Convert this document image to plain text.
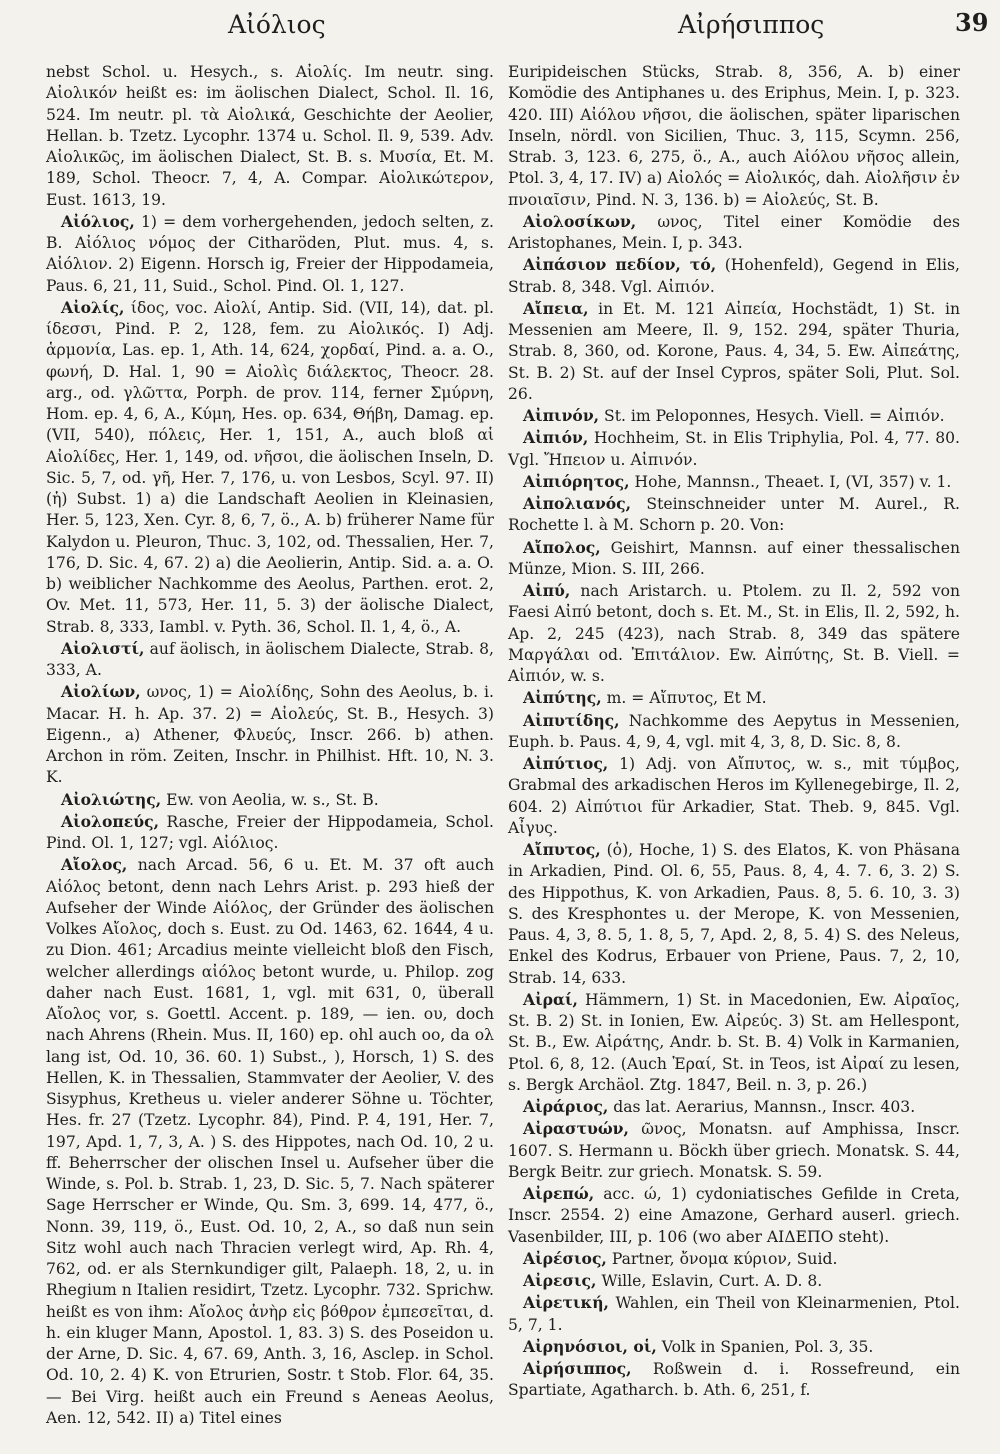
Αἰόλιος	Αἰρήσιππος	39

nebst Schol. u. Hesych., s. Αἰολίς. Im neutr. sing. Αἰολικόν heißt es: im äolischen Dialect, Schol. Il. 16, 524. Im neutr. pl. τὰ Αἰολικά, Geschichte der Aeolier, Hellan. b. Tzetz. Lycophr. 1374 u. Schol. Il. 9, 539. Adv. Αἰολικῶς, im äolischen Dialect, St. B. s. Μυσία, Et. M. 189, Schol. Theocr. 7, 4, A. Compar. Αἰολικώτερον, Eust. 1613, 19.

Αἰόλιος, 1) = dem vorhergehenden, jedoch selten, z. B. Αἰόλιος νόμος der Citharöden, Plut. mus. 4, s. Αἰόλιον. 2) Eigenn. Horsch ig, Freier der Hippodameia, Paus. 6, 21, 11, Suid., Schol. Pind. Ol. 1, 127.

Αἰολίς, ίδος, voc. Αἰολί, Antip. Sid. (VII, 14), dat. pl. ίδεσσι, Pind. P. 2, 128, fem. zu Αἰολικός. I) Adj. ἁρμονία, Las. ep. 1, Ath. 14, 624, χορδαί, Pind. a. a. O., φωνή, D. Hal. 1, 90 = Αἰολὶς διάλεκτος, Theocr. 28. arg., od. γλῶττα, Porph. de prov. 114, ferner Σμύρνη, Hom. ep. 4, 6, A., Κύμη, Hes. op. 634, Θήβη, Damag. ep. (VII, 540), πόλεις, Her. 1, 151, A., auch bloß αἱ Αἰολίδες, Her. 1, 149, od. νῆσοι, die äolischen Inseln, D. Sic. 5, 7, od. γῆ, Her. 7, 176, u. von Lesbos, Scyl. 97. II) (ἡ) Subst. 1) a) die Landschaft Aeolien in Kleinasien, Her. 5, 123, Xen. Cyr. 8, 6, 7, ö., A. b) früherer Name für Kalydon u. Pleuron, Thuc. 3, 102, od. Thessalien, Her. 7, 176, D. Sic. 4, 67. 2) a) die Aeolierin, Antip. Sid. a. a. O. b) weiblicher Nachkomme des Aeolus, Parthen. erot. 2, Ov. Met. 11, 573, Her. 11, 5. 3) der äolische Dialect, Strab. 8, 333, Iambl. v. Pyth. 36, Schol. Il. 1, 4, ö., A.

Αἰολιστί, auf äolisch, in äolischem Dialecte, Strab. 8, 333, A.

Αἰολίων, ωνος, 1) = Αἰολίδης, Sohn des Aeolus, b. i. Macar. H. h. Ap. 37. 2) = Αἰολεύς, St. B., Hesych. 3) Eigenn., a) Athener, Φλυεύς, Inscr. 266. b) athen. Archon in röm. Zeiten, Inschr. in Philhist. Hft. 10, N. 3. K.

Αἰολιώτης, Ew. von Aeolia, w. s., St. B.

Αἰολοπεύς, Rasche, Freier der Hippodameia, Schol. Pind. Ol. 1, 127; vgl. Αἰόλιος.

Αἴολος, nach Arcad. 56, 6 u. Et. M. 37 oft auch Αἰόλος betont, denn nach Lehrs Arist. p. 293 hieß der Aufseher der Winde Αἰόλος, der Gründer des äolischen Volkes Αἴολος, doch s. Eust. zu Od. 1463, 62. 1644, 4 u. zu Dion. 461; Arcadius meinte vielleicht bloß den Fisch, welcher allerdings αἰόλος betont wurde, u. Philop. zog daher nach Eust. 1681, 1, vgl. mit 631, 0, überall Αἴολος vor, s. Goettl. Accent. p. 189, — ien. ου, doch nach Ahrens (Rhein. Mus. II, 160) ep. ohl auch οο, da ολ lang ist, Od. 10, 36. 60. 1) Subst., ), Horsch, 1) S. des Hellen, K. in Thessalien, Stammvater der Aeolier, V. des Sisyphus, Kretheus u. vieler anderer Söhne u. Töchter, Hes. fr. 27 (Tzetz. Lycophr. 84), Pind. P. 4, 191, Her. 7, 197, Apd. 1, 7, 3, A. ) S. des Hippotes, nach Od. 10, 2 u. ff. Beherrscher der olischen Insel u. Aufseher über die Winde, s. Pol. b. Strab. 1, 23, D. Sic. 5, 7. Nach späterer Sage Herrscher er Winde, Qu. Sm. 3, 699. 14, 477, ö., Nonn. 39, 119, ö., Eust. Od. 10, 2, A., so daß nun sein Sitz wohl auch nach Thracien verlegt wird, Ap. Rh. 4, 762, od. er als Sternkundiger gilt, Palaeph. 18, 2, u. in Rhegium n Italien residirt, Tzetz. Lycophr. 732. Sprichw. heißt es von ihm: Αἴολος ἀνὴρ εἰς βόθρον ἐμπεσεῖται, d. h. ein kluger Mann, Apostol. 1, 83. 3) S. des Poseidon u. der Arne, D. Sic. 4, 67. 69, Anth. 3, 16, Asclep. in Schol. Od. 10, 2. 4) K. von Etrurien, Sostr. t Stob. Flor. 64, 35. — Bei Virg. heißt auch ein Freund s Aeneas Aeolus, Aen. 12, 542. II) a) Titel eines

Euripideischen Stücks, Strab. 8, 356, A. b) einer Komödie des Antiphanes u. des Eriphus, Mein. I, p. 323. 420. III) Αἰόλου νῆσοι, die äolischen, später liparischen Inseln, nördl. von Sicilien, Thuc. 3, 115, Scymn. 256, Strab. 3, 123. 6, 275, ö., A., auch Αἰόλου νῆσος allein, Ptol. 3, 4, 17. IV) a) Αἰολός = Αἰολικός, dah. Αἰολῆσιν ἐν πνοιαῖσιν, Pind. N. 3, 136. b) = Αἰολεύς, St. B.

Αἰολοσίκων, ωνος, Titel einer Komödie des Aristophanes, Mein. I, p. 343.

Αἰπάσιον πεδίον, τό, (Hohenfeld), Gegend in Elis, Strab. 8, 348. Vgl. Αἰπιόν.

Αἴπεια, in Et. M. 121 Αἰπεία, Hochstädt, 1) St. in Messenien am Meere, Il. 9, 152. 294, später Thuria, Strab. 8, 360, od. Korone, Paus. 4, 34, 5. Ew. Αἰπεάτης, St. B. 2) St. auf der Insel Cypros, später Soli, Plut. Sol. 26.

Αἰπινόν, St. im Peloponnes, Hesych. Viell. = Αἰπιόν.

Αἰπιόν, Hochheim, St. in Elis Triphylia, Pol. 4, 77. 80. Vgl. Ἤπειον u. Αἰπινόν.

Αἰπιόρητος, Hohe, Mannsn., Theaet. I, (VI, 357) v. 1.

Αἰπολιανός, Steinschneider unter M. Aurel., R. Rochette l. à M. Schorn p. 20. Von:

Αἴπολος, Geishirt, Mannsn. auf einer thessalischen Münze, Mion. S. III, 266.

Αἰπύ, nach Aristarch. u. Ptolem. zu Il. 2, 592 von Faesi Αἰπύ betont, doch s. Et. M., St. in Elis, Il. 2, 592, h. Ap. 2, 245 (423), nach Strab. 8, 349 das spätere Μαργάλαι od. Ἐπιτάλιον. Ew. Αἰπύτης, St. B. Viell. = Αἰπιόν, w. s.

Αἰπύτης, m. = Αἴπυτος, Et M.

Αἰπυτίδης, Nachkomme des Aepytus in Messenien, Euph. b. Paus. 4, 9, 4, vgl. mit 4, 3, 8, D. Sic. 8, 8.

Αἰπύτιος, 1) Adj. von Αἴπυτος, w. s., mit τύμβος, Grabmal des arkadischen Heros im Kyllenegebirge, Il. 2, 604. 2) Αἰπύτιοι für Arkadier, Stat. Theb. 9, 845. Vgl. Αἶγυς.

Αἴπυτος, (ὁ), Hoche, 1) S. des Elatos, K. von Phäsana in Arkadien, Pind. Ol. 6, 55, Paus. 8, 4, 4. 7. 6, 3. 2) S. des Hippothus, K. von Arkadien, Paus. 8, 5. 6. 10, 3. 3) S. des Kresphontes u. der Merope, K. von Messenien, Paus. 4, 3, 8. 5, 1. 8, 5, 7, Apd. 2, 8, 5. 4) S. des Neleus, Enkel des Kodrus, Erbauer von Priene, Paus. 7, 2, 10, Strab. 14, 633.

Αἰραί, Hämmern, 1) St. in Macedonien, Ew. Αἰραῖος, St. B. 2) St. in Ionien, Ew. Αἰρεύς. 3) St. am Hellespont, St. B., Ew. Αἰράτης, Andr. b. St. B. 4) Volk in Karmanien, Ptol. 6, 8, 12. (Auch Ἐραί, St. in Teos, ist Αἰραί zu lesen, s. Bergk Archäol. Ztg. 1847, Beil. n. 3, p. 26.)

Αἰράριος, das lat. Aerarius, Mannsn., Inscr. 403.

Αἰραστυών, ῶνος, Monatsn. auf Amphissa, Inscr. 1607. S. Hermann u. Böckh über griech. Monatsk. S. 44, Bergk Beitr. zur griech. Monatsk. S. 59.

Αἰρεπώ, acc. ώ, 1) cydoniatisches Gefilde in Creta, Inscr. 2554. 2) eine Amazone, Gerhard auserl. griech. Vasenbilder, III, p. 106 (wo aber ΑΙΔΕΠΟ steht).

Αἰρέσιος, Partner, ὄνομα κύριον, Suid.

Αἰρεσις, Wille, Eslavin, Curt. A. D. 8.

Αἰρετική, Wahlen, ein Theil von Kleinarmenien, Ptol. 5, 7, 1.

Αἰρηνόσιοι, οἱ, Volk in Spanien, Pol. 3, 35.

Αἰρήσιππος, Roßwein d. i. Rossefreund, ein Spartiate, Agatharch. b. Ath. 6, 251, f.
